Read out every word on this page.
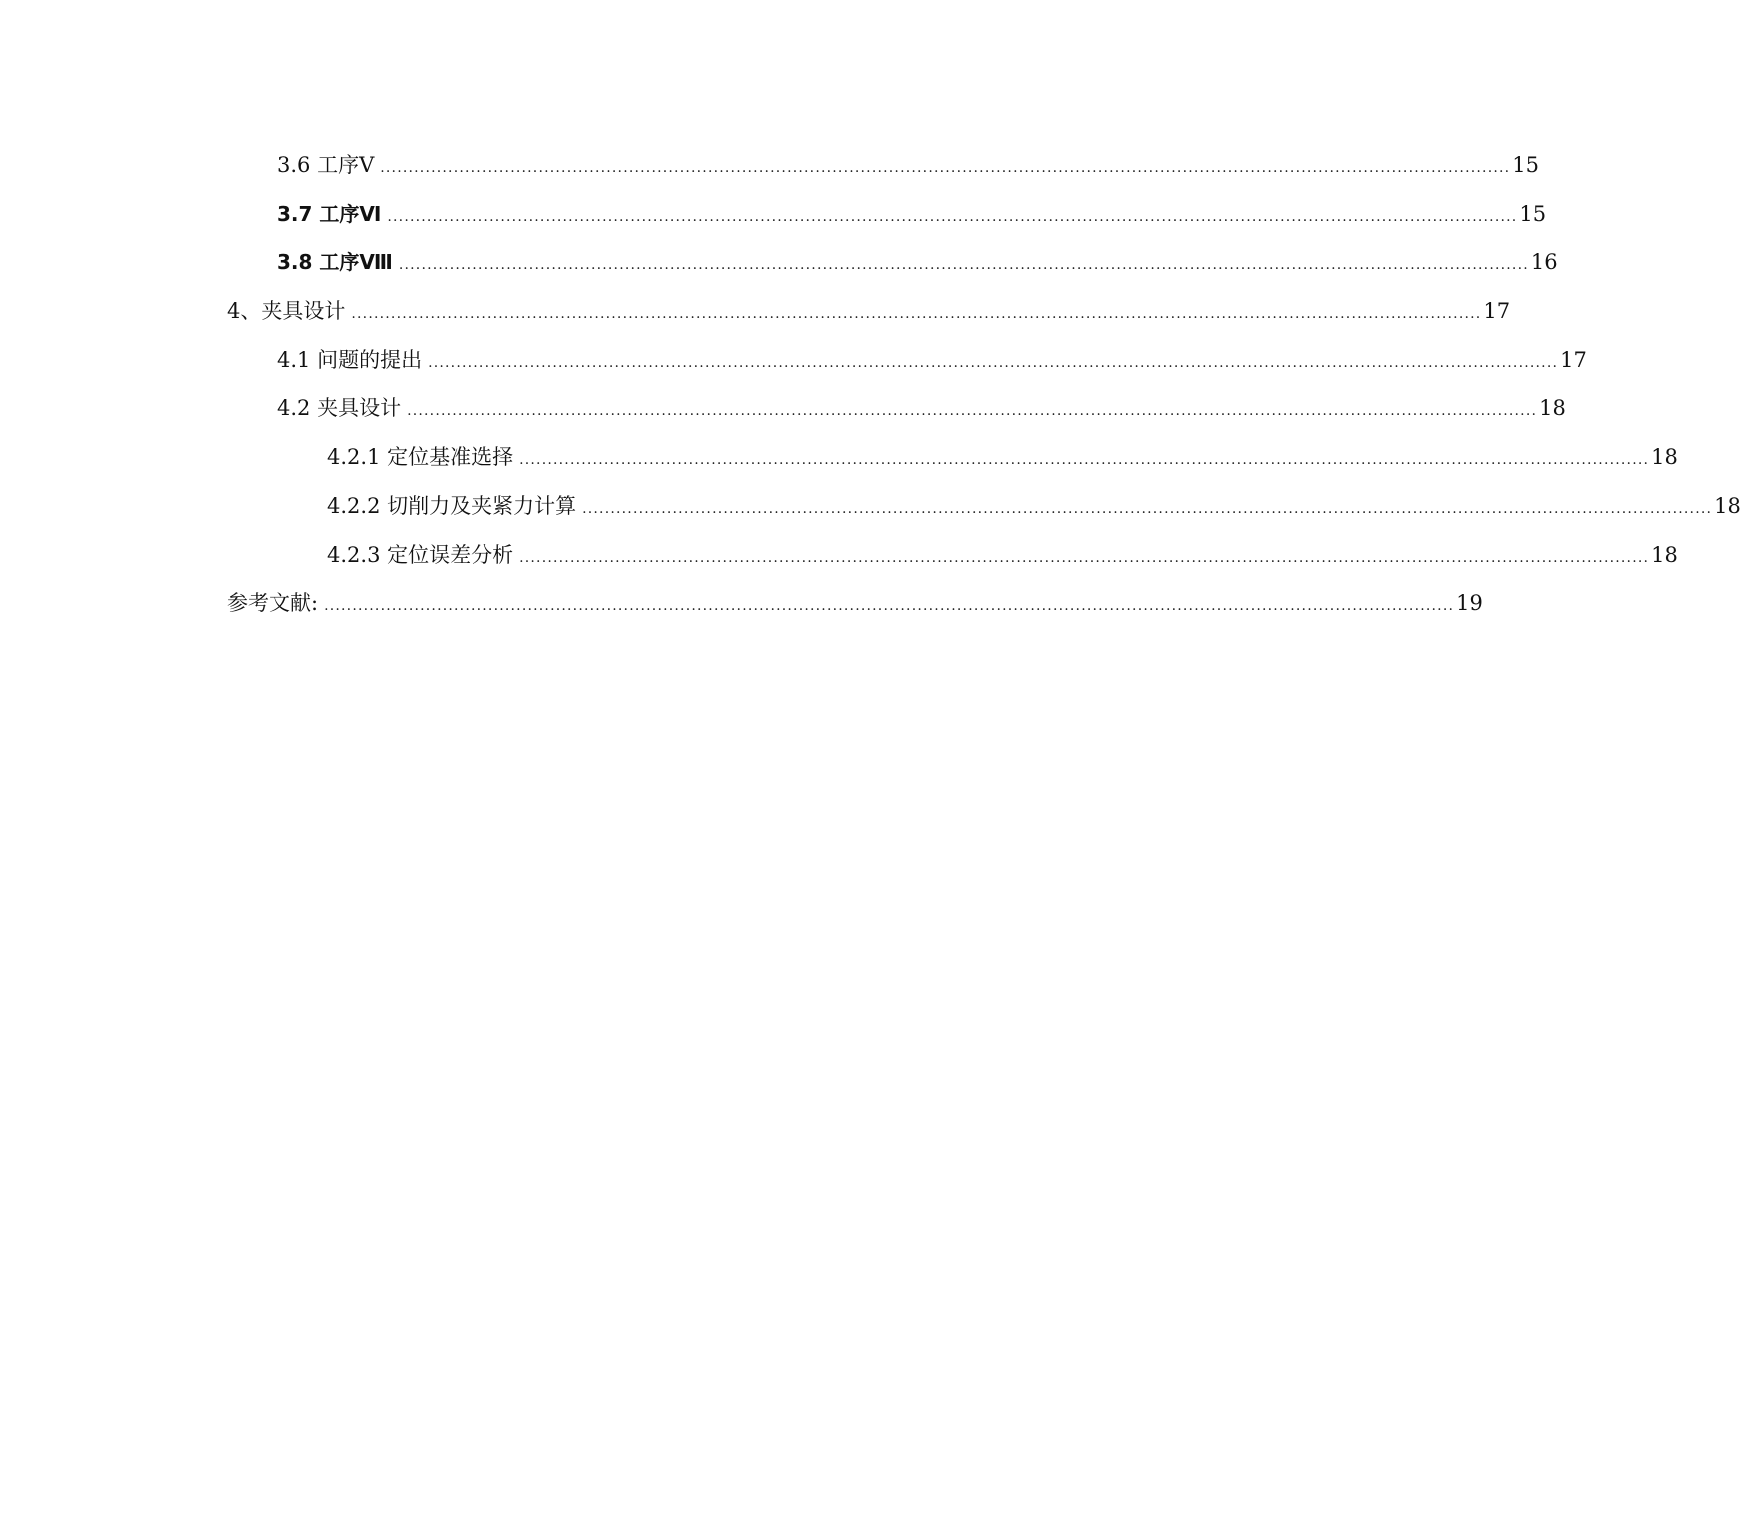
3.6 工序Ⅴ ........................................................................................................................................................................................................ 15
3.7 工序Ⅵ ........................................................................................................................................................................................................ 15
3.8 工序Ⅷ ........................................................................................................................................................................................................ 16
4、夹具设计 ........................................................................................................................................................................................................ 17
4.1 问题的提出 ........................................................................................................................................................................................................ 17
4.2 夹具设计 ........................................................................................................................................................................................................ 18
4.2.1 定位基准选择 ........................................................................................................................................................................................................ 18
4.2.2 切削力及夹紧力计算 ........................................................................................................................................................................................................ 18
4.2.3 定位误差分析 ........................................................................................................................................................................................................ 18
参考文献: ........................................................................................................................................................................................................ 19
